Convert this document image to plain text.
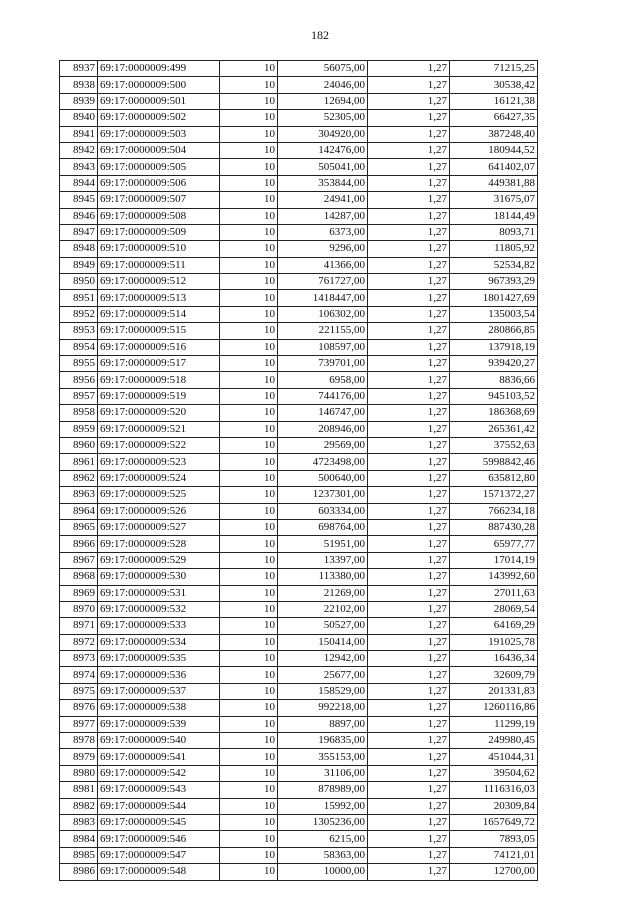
182
8937	69:17:0000009:499	10	56075,00	1,27	71215,25
8938	69:17:0000009:500	10	24046,00	1,27	30538,42
8939	69:17:0000009:501	10	12694,00	1,27	16121,38
8940	69:17:0000009:502	10	52305,00	1,27	66427,35
8941	69:17:0000009:503	10	304920,00	1,27	387248,40
8942	69:17:0000009:504	10	142476,00	1,27	180944,52
8943	69:17:0000009:505	10	505041,00	1,27	641402,07
8944	69:17:0000009:506	10	353844,00	1,27	449381,88
8945	69:17:0000009:507	10	24941,00	1,27	31675,07
8946	69:17:0000009:508	10	14287,00	1,27	18144,49
8947	69:17:0000009:509	10	6373,00	1,27	8093,71
8948	69:17:0000009:510	10	9296,00	1,27	11805,92
8949	69:17:0000009:511	10	41366,00	1,27	52534,82
8950	69:17:0000009:512	10	761727,00	1,27	967393,29
8951	69:17:0000009:513	10	1418447,00	1,27	1801427,69
8952	69:17:0000009:514	10	106302,00	1,27	135003,54
8953	69:17:0000009:515	10	221155,00	1,27	280866,85
8954	69:17:0000009:516	10	108597,00	1,27	137918,19
8955	69:17:0000009:517	10	739701,00	1,27	939420,27
8956	69:17:0000009:518	10	6958,00	1,27	8836,66
8957	69:17:0000009:519	10	744176,00	1,27	945103,52
8958	69:17:0000009:520	10	146747,00	1,27	186368,69
8959	69:17:0000009:521	10	208946,00	1,27	265361,42
8960	69:17:0000009:522	10	29569,00	1,27	37552,63
8961	69:17:0000009:523	10	4723498,00	1,27	5998842,46
8962	69:17:0000009:524	10	500640,00	1,27	635812,80
8963	69:17:0000009:525	10	1237301,00	1,27	1571372,27
8964	69:17:0000009:526	10	603334,00	1,27	766234,18
8965	69:17:0000009:527	10	698764,00	1,27	887430,28
8966	69:17:0000009:528	10	51951,00	1,27	65977,77
8967	69:17:0000009:529	10	13397,00	1,27	17014,19
8968	69:17:0000009:530	10	113380,00	1,27	143992,60
8969	69:17:0000009:531	10	21269,00	1,27	27011,63
8970	69:17:0000009:532	10	22102,00	1,27	28069,54
8971	69:17:0000009:533	10	50527,00	1,27	64169,29
8972	69:17:0000009:534	10	150414,00	1,27	191025,78
8973	69:17:0000009:535	10	12942,00	1,27	16436,34
8974	69:17:0000009:536	10	25677,00	1,27	32609,79
8975	69:17:0000009:537	10	158529,00	1,27	201331,83
8976	69:17:0000009:538	10	992218,00	1,27	1260116,86
8977	69:17:0000009:539	10	8897,00	1,27	11299,19
8978	69:17:0000009:540	10	196835,00	1,27	249980,45
8979	69:17:0000009:541	10	355153,00	1,27	451044,31
8980	69:17:0000009:542	10	31106,00	1,27	39504,62
8981	69:17:0000009:543	10	878989,00	1,27	1116316,03
8982	69:17:0000009:544	10	15992,00	1,27	20309,84
8983	69:17:0000009:545	10	1305236,00	1,27	1657649,72
8984	69:17:0000009:546	10	6215,00	1,27	7893,05
8985	69:17:0000009:547	10	58363,00	1,27	74121,01
8986	69:17:0000009:548	10	10000,00	1,27	12700,00
